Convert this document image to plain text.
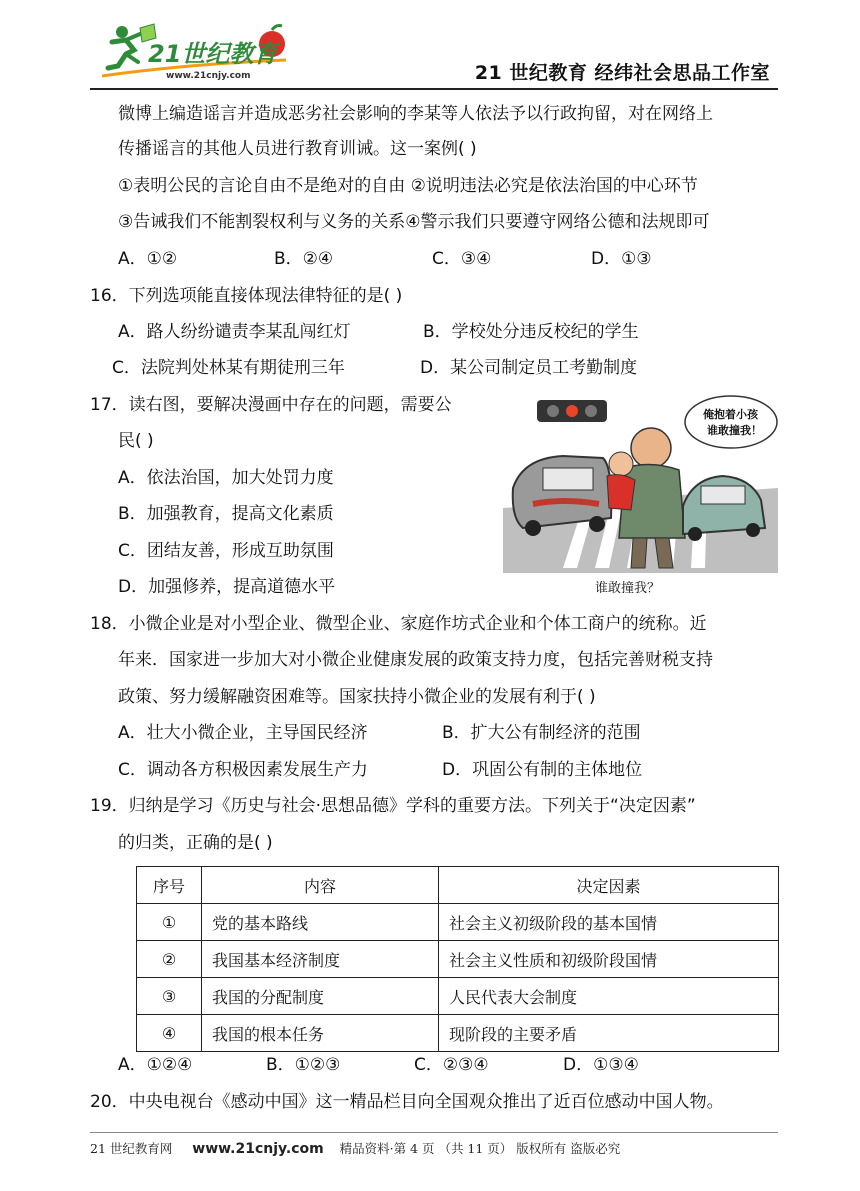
21世纪教育
www.21cnjy.com	21 世纪教育 经纬社会思品工作室
微博上编造谣言并造成恶劣社会影响的李某等人依法予以行政拘留，对在网络上
传播谣言的其他人员进行教育训诫。这一案例( )
①表明公民的言论自由不是绝对的自由 ②说明违法必究是依法治国的中心环节
③告诫我们不能割裂权利与义务的关系④警示我们只要遵守网络公德和法规即可
A．①②	B．②④	C．③④	D．①③
16．下列选项能直接体现法律特征的是( )
A．路人纷纷谴责李某乱闯红灯	B．学校处分违反校纪的学生
C．法院判处林某有期徒刑三年	D．某公司制定员工考勤制度
17．读右图，要解决漫画中存在的问题，需要公
民( )
A．依法治国，加大处罚力度
B．加强教育，提高文化素质
C．团结友善，形成互助氛围
D．加强修养，提高道德水平
俺抱着小孩
谁敢撞我！
谁敢撞我？
18．小微企业是对小型企业、微型企业、家庭作坊式企业和个体工商户的统称。近
年来．国家进一步加大对小微企业健康发展的政策支持力度，包括完善财税支持
政策、努力缓解融资困难等。国家扶持小微企业的发展有利于( )
A．壮大小微企业，主导国民经济	B．扩大公有制经济的范围
C．调动各方积极因素发展生产力	D．巩固公有制的主体地位
19．归纳是学习《历史与社会·思想品德》学科的重要方法。下列关于“决定因素”
的归类，正确的是( )
序号	内容	决定因素
①	党的基本路线	社会主义初级阶段的基本国情
②	我国基本经济制度	社会主义性质和初级阶段国情
③	我国的分配制度	人民代表大会制度
④	我国的根本任务	现阶段的主要矛盾
A．①②④	B．①②③	C．②③④	D．①③④
20．中央电视台《感动中国》这一精品栏目向全国观众推出了近百位感动中国人物。
21 世纪教育网 www.21cnjy.com 精品资料·第 4 页 （共 11 页） 版权所有 盗版必究
